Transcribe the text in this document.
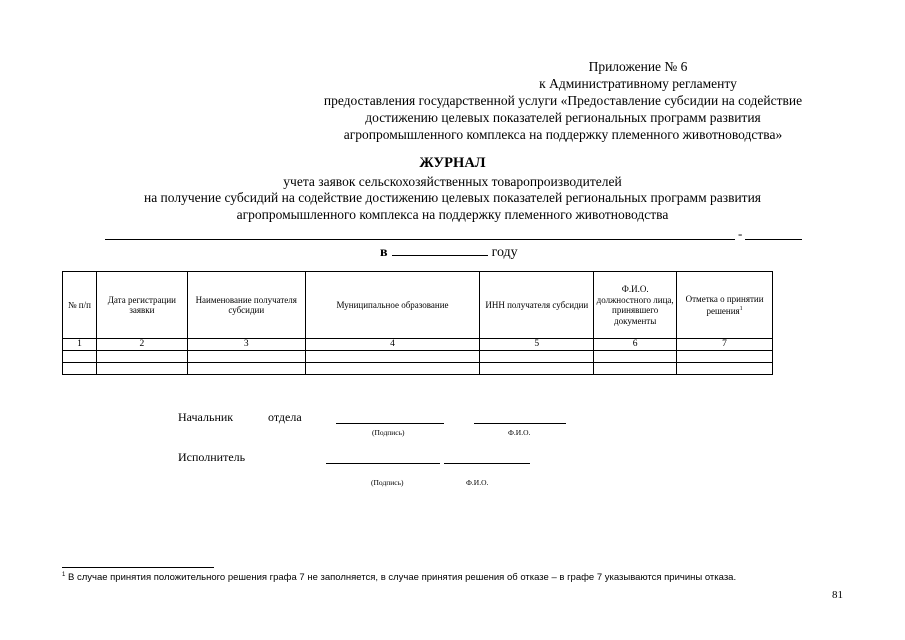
Приложение № 6
к Административному регламенту
предоставления государственной услуги «Предоставление субсидии на содействие
достижению целевых показателей региональных программ развития
агропромышленного комплекса на поддержку племенного животноводства»
ЖУРНАЛ
учета заявок сельскохозяйственных товаропроизводителей
на получение субсидий на содействие достижению целевых показателей региональных программ развития
агропромышленного комплекса на поддержку племенного животноводства
-
в	году
№ п/п	Дата регистрации заявки	Наименование получателя субсидии	Муниципальное образование	ИНН получателя субсидии	Ф.И.О. должностного лица, принявшего документы	Отметка о принятии решения$^1$
1	2	3	4	5	6	7

Начальник	отдела
(Подпись)	Ф.И.О.
Исполнитель
(Подпись)	Ф.И.О.
$^1$ В случае принятия положительного решения графа 7 не заполняется, в случае принятия решения об отказе – в графе 7 указываются причины отказа.
81
